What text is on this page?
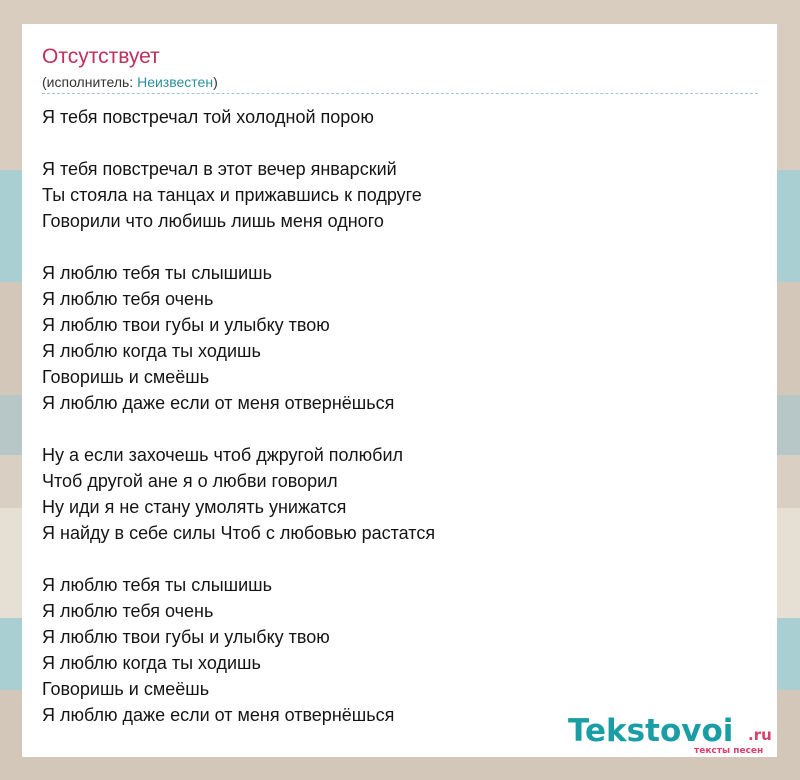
Отсутствует
(исполнитель: Неизвестен)
Я тебя повстречал той холодной порою
Я тебя повстречал в этот вечер январский
Ты стояла на танцах и прижавшись к подруге
Говорили что любишь лишь меня одного
Я люблю тебя ты слышишь
Я люблю тебя очень
Я люблю твои губы и улыбку твою
Я люблю когда ты ходишь
Говоришь и смеёшь
Я люблю даже если от меня отвернёшься
Ну а если захочешь чтоб джругой полюбил
Чтоб другой ане я о любви говорил
Ну иди я не стану умолять унижатся
Я найду в себе силы Чтоб с любовью растатся
Я люблю тебя ты слышишь
Я люблю тебя очень
Я люблю твои губы и улыбку твою
Я люблю когда ты ходишь
Говоришь и смеёшь
Я люблю даже если от меня отвернёшься	Tekstovoi .ru
тексты песен
